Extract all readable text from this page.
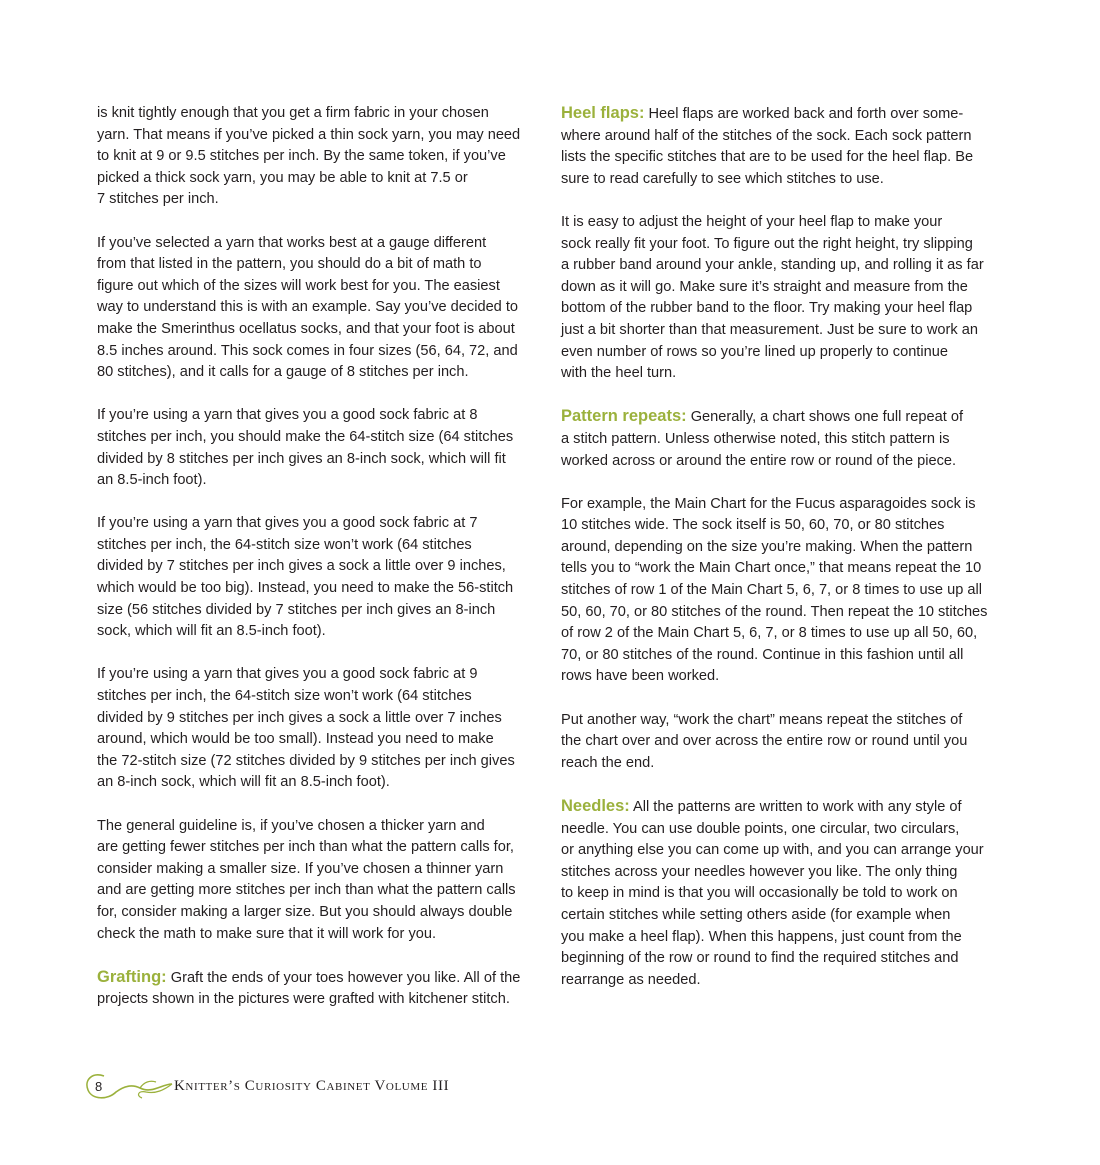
is knit tightly enough that you get a firm fabric in your chosen
yarn. That means if you’ve picked a thin sock yarn, you may need
to knit at 9 or 9.5 stitches per inch. By the same token, if you’ve
picked a thick sock yarn, you may be able to knit at 7.5 or
7 stitches per inch.
If you’ve selected a yarn that works best at a gauge different
from that listed in the pattern, you should do a bit of math to
figure out which of the sizes will work best for you. The easiest
way to understand this is with an example. Say you’ve decided to
make the Smerinthus ocellatus socks, and that your foot is about
8.5 inches around. This sock comes in four sizes (56, 64, 72, and
80 stitches), and it calls for a gauge of 8 stitches per inch.
If you’re using a yarn that gives you a good sock fabric at 8
stitches per inch, you should make the 64-stitch size (64 stitches
divided by 8 stitches per inch gives an 8-inch sock, which will fit
an 8.5-inch foot).
If you’re using a yarn that gives you a good sock fabric at 7
stitches per inch, the 64-stitch size won’t work (64 stitches
divided by 7 stitches per inch gives a sock a little over 9 inches,
which would be too big). Instead, you need to make the 56-stitch
size (56 stitches divided by 7 stitches per inch gives an 8-inch
sock, which will fit an 8.5-inch foot).
If you’re using a yarn that gives you a good sock fabric at 9
stitches per inch, the 64-stitch size won’t work (64 stitches
divided by 9 stitches per inch gives a sock a little over 7 inches
around, which would be too small). Instead you need to make
the 72-stitch size (72 stitches divided by 9 stitches per inch gives
an 8-inch sock, which will fit an 8.5-inch foot).
The general guideline is, if you’ve chosen a thicker yarn and
are getting fewer stitches per inch than what the pattern calls for,
consider making a smaller size. If you’ve chosen a thinner yarn
and are getting more stitches per inch than what the pattern calls
for, consider making a larger size. But you should always double
check the math to make sure that it will work for you.
Grafting: Graft the ends of your toes however you like. All of the
projects shown in the pictures were grafted with kitchener stitch.
Heel flaps: Heel flaps are worked back and forth over some-
where around half of the stitches of the sock. Each sock pattern
lists the specific stitches that are to be used for the heel flap. Be
sure to read carefully to see which stitches to use.
It is easy to adjust the height of your heel flap to make your
sock really fit your foot. To figure out the right height, try slipping
a rubber band around your ankle, standing up, and rolling it as far
down as it will go. Make sure it’s straight and measure from the
bottom of the rubber band to the floor. Try making your heel flap
just a bit shorter than that measurement. Just be sure to work an
even number of rows so you’re lined up properly to continue
with the heel turn.
Pattern repeats: Generally, a chart shows one full repeat of
a stitch pattern. Unless otherwise noted, this stitch pattern is
worked across or around the entire row or round of the piece.
For example, the Main Chart for the Fucus asparagoides sock is
10 stitches wide. The sock itself is 50, 60, 70, or 80 stitches
around, depending on the size you’re making. When the pattern
tells you to “work the Main Chart once,” that means repeat the 10
stitches of row 1 of the Main Chart 5, 6, 7, or 8 times to use up all
50, 60, 70, or 80 stitches of the round. Then repeat the 10 stitches
of row 2 of the Main Chart 5, 6, 7, or 8 times to use up all 50, 60,
70, or 80 stitches of the round. Continue in this fashion until all
rows have been worked.
Put another way, “work the chart” means repeat the stitches of
the chart over and over across the entire row or round until you
reach the end.
Needles: All the patterns are written to work with any style of
needle. You can use double points, one circular, two circulars,
or anything else you can come up with, and you can arrange your
stitches across your needles however you like. The only thing
to keep in mind is that you will occasionally be told to work on
certain stitches while setting others aside (for example when
you make a heel flap). When this happens, just count from the
beginning of the row or round to find the required stitches and
rearrange as needed.
8	Knitter’s Curiosity Cabinet Volume III
